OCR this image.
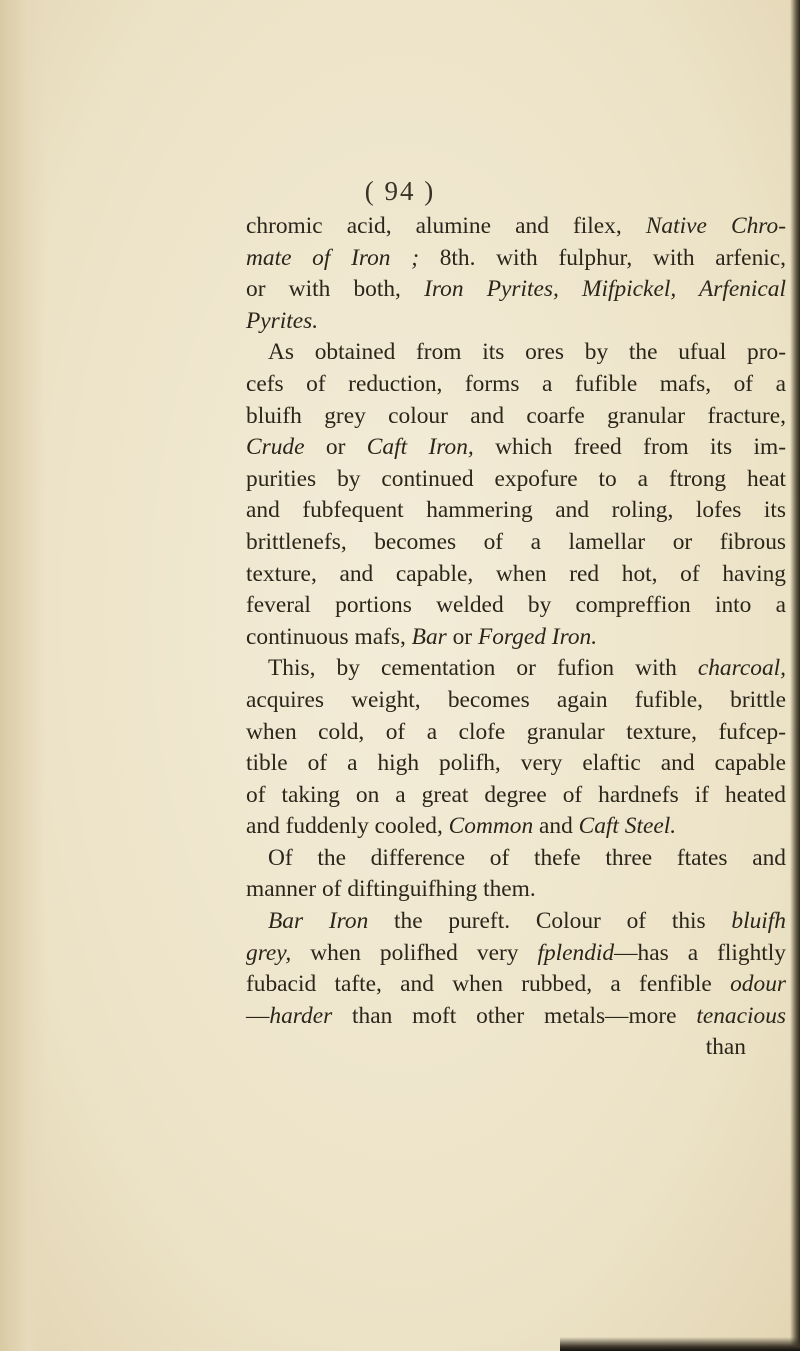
( 94 )
chromic acid, alumine and filex, Native Chro-
mate of Iron ; 8th. with fulphur, with arfenic,
or with both, Iron Pyrites, Mifpickel, Arfenical
Pyrites.
As obtained from its ores by the ufual pro-
cefs of reduction, forms a fufible mafs, of a
bluifh grey colour and coarfe granular fracture,
Crude or Caft Iron, which freed from its im-
purities by continued expofure to a ftrong heat
and fubfequent hammering and roling, lofes its
brittlenefs, becomes of a lamellar or fibrous
texture, and capable, when red hot, of having
feveral portions welded by compreffion into a
continuous mafs, Bar or Forged Iron.
This, by cementation or fufion with charcoal,
acquires weight, becomes again fufible, brittle
when cold, of a clofe granular texture, fufcep-
tible of a high polifh, very elaftic and capable
of taking on a great degree of hardnefs if heated
and fuddenly cooled, Common and Caft Steel.
Of the difference of thefe three ftates and
manner of diftinguifhing them.
Bar Iron the pureft. Colour of this bluifh
grey, when polifhed very fplendid—has a flightly
fubacid tafte, and when rubbed, a fenfible odour
—harder than moft other metals—more tenacious
than
